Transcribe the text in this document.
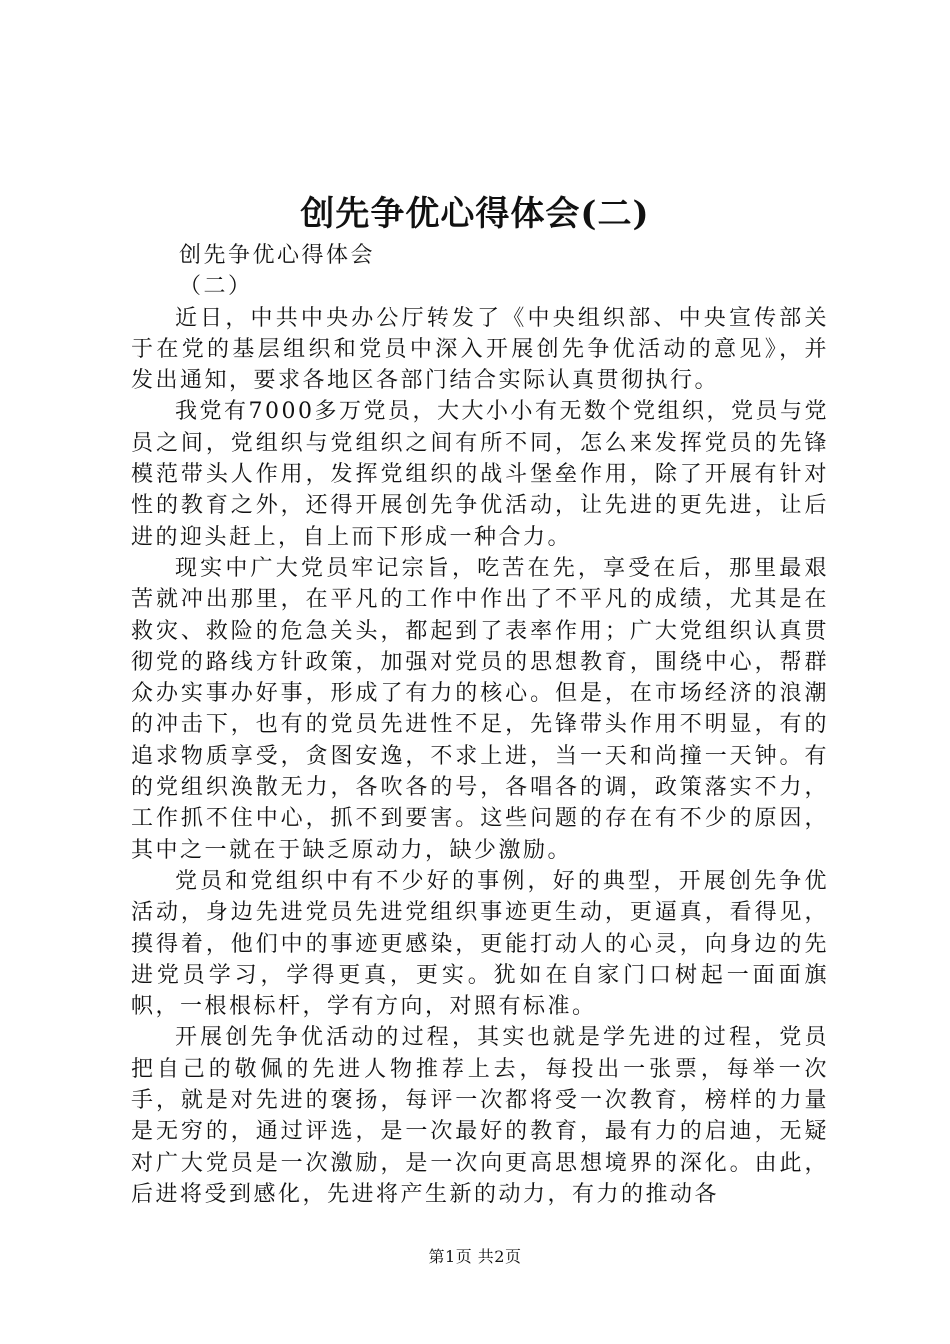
创先争优心得体会(二)

创先争优心得体会

（二）

近日，中共中央办公厅转发了《中央组织部、中央宣传部关于在党的基层组织和党员中深入开展创先争优活动的意见》，并发出通知，要求各地区各部门结合实际认真贯彻执行。

我党有7000多万党员，大大小小有无数个党组织，党员与党员之间，党组织与党组织之间有所不同，怎么来发挥党员的先锋模范带头人作用，发挥党组织的战斗堡垒作用，除了开展有针对性的教育之外，还得开展创先争优活动，让先进的更先进，让后进的迎头赶上，自上而下形成一种合力。

现实中广大党员牢记宗旨，吃苦在先，享受在后，那里最艰苦就冲出那里，在平凡的工作中作出了不平凡的成绩，尤其是在救灾、救险的危急关头，都起到了表率作用；广大党组织认真贯彻党的路线方针政策，加强对党员的思想教育，围绕中心，帮群众办实事办好事，形成了有力的核心。但是，在市场经济的浪潮的冲击下，也有的党员先进性不足，先锋带头作用不明显，有的追求物质享受，贪图安逸，不求上进，当一天和尚撞一天钟。有的党组织涣散无力，各吹各的号，各唱各的调，政策落实不力，工作抓不住中心，抓不到要害。这些问题的存在有不少的原因，其中之一就在于缺乏原动力，缺少激励。

党员和党组织中有不少好的事例，好的典型，开展创先争优活动，身边先进党员先进党组织事迹更生动，更逼真，看得见，摸得着，他们中的事迹更感染，更能打动人的心灵，向身边的先进党员学习，学得更真，更实。犹如在自家门口树起一面面旗帜，一根根标杆，学有方向，对照有标准。

开展创先争优活动的过程，其实也就是学先进的过程，党员把自己的敬佩的先进人物推荐上去，每投出一张票，每举一次手，就是对先进的褒扬，每评一次都将受一次教育，榜样的力量是无穷的，通过评选，是一次最好的教育，最有力的启迪，无疑对广大党员是一次激励，是一次向更高思想境界的深化。由此，后进将受到感化，先进将产生新的动力，有力的推动各

第1页 共2页
